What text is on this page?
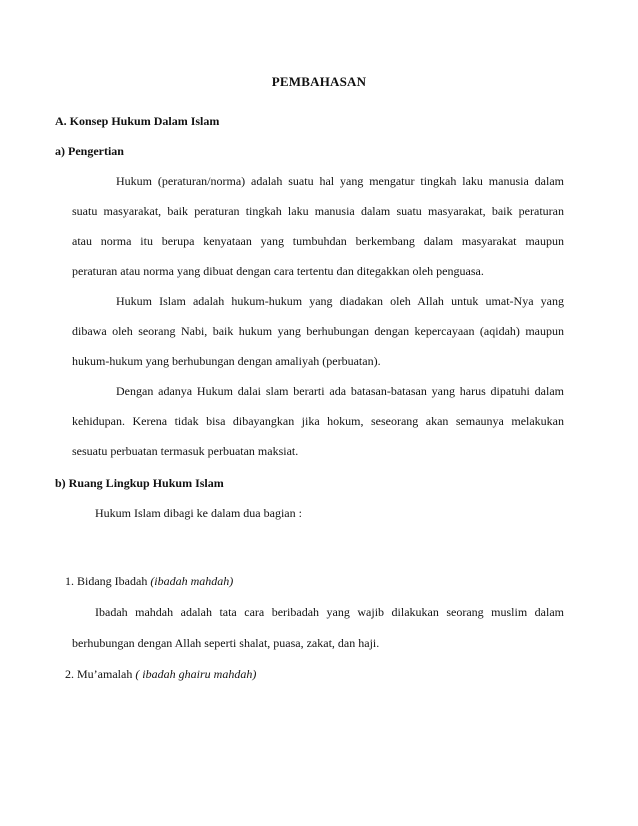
PEMBAHASAN
A. Konsep Hukum Dalam Islam
a) Pengertian
Hukum (peraturan/norma) adalah suatu hal yang mengatur tingkah laku manusia dalam
suatu masyarakat, baik peraturan tingkah laku manusia dalam suatu masyarakat, baik peraturan
atau norma itu berupa kenyataan yang tumbuhdan berkembang dalam masyarakat maupun
peraturan atau norma yang dibuat dengan cara tertentu dan ditegakkan oleh penguasa.
Hukum Islam adalah hukum-hukum yang diadakan oleh Allah untuk umat-Nya yang
dibawa oleh seorang Nabi, baik hukum yang berhubungan dengan kepercayaan (aqidah) maupun
hukum-hukum yang berhubungan dengan amaliyah (perbuatan).
Dengan adanya Hukum dalai slam berarti ada batasan-batasan yang harus dipatuhi dalam
kehidupan. Kerena tidak bisa dibayangkan jika hokum, seseorang akan semaunya melakukan
sesuatu perbuatan termasuk perbuatan maksiat.
b) Ruang Lingkup Hukum Islam
Hukum Islam dibagi ke dalam dua bagian :
1. Bidang Ibadah (ibadah mahdah)
Ibadah mahdah adalah tata cara beribadah yang wajib dilakukan seorang muslim dalam
berhubungan dengan Allah seperti shalat, puasa, zakat, dan haji.
2. Mu’amalah ( ibadah ghairu mahdah)
